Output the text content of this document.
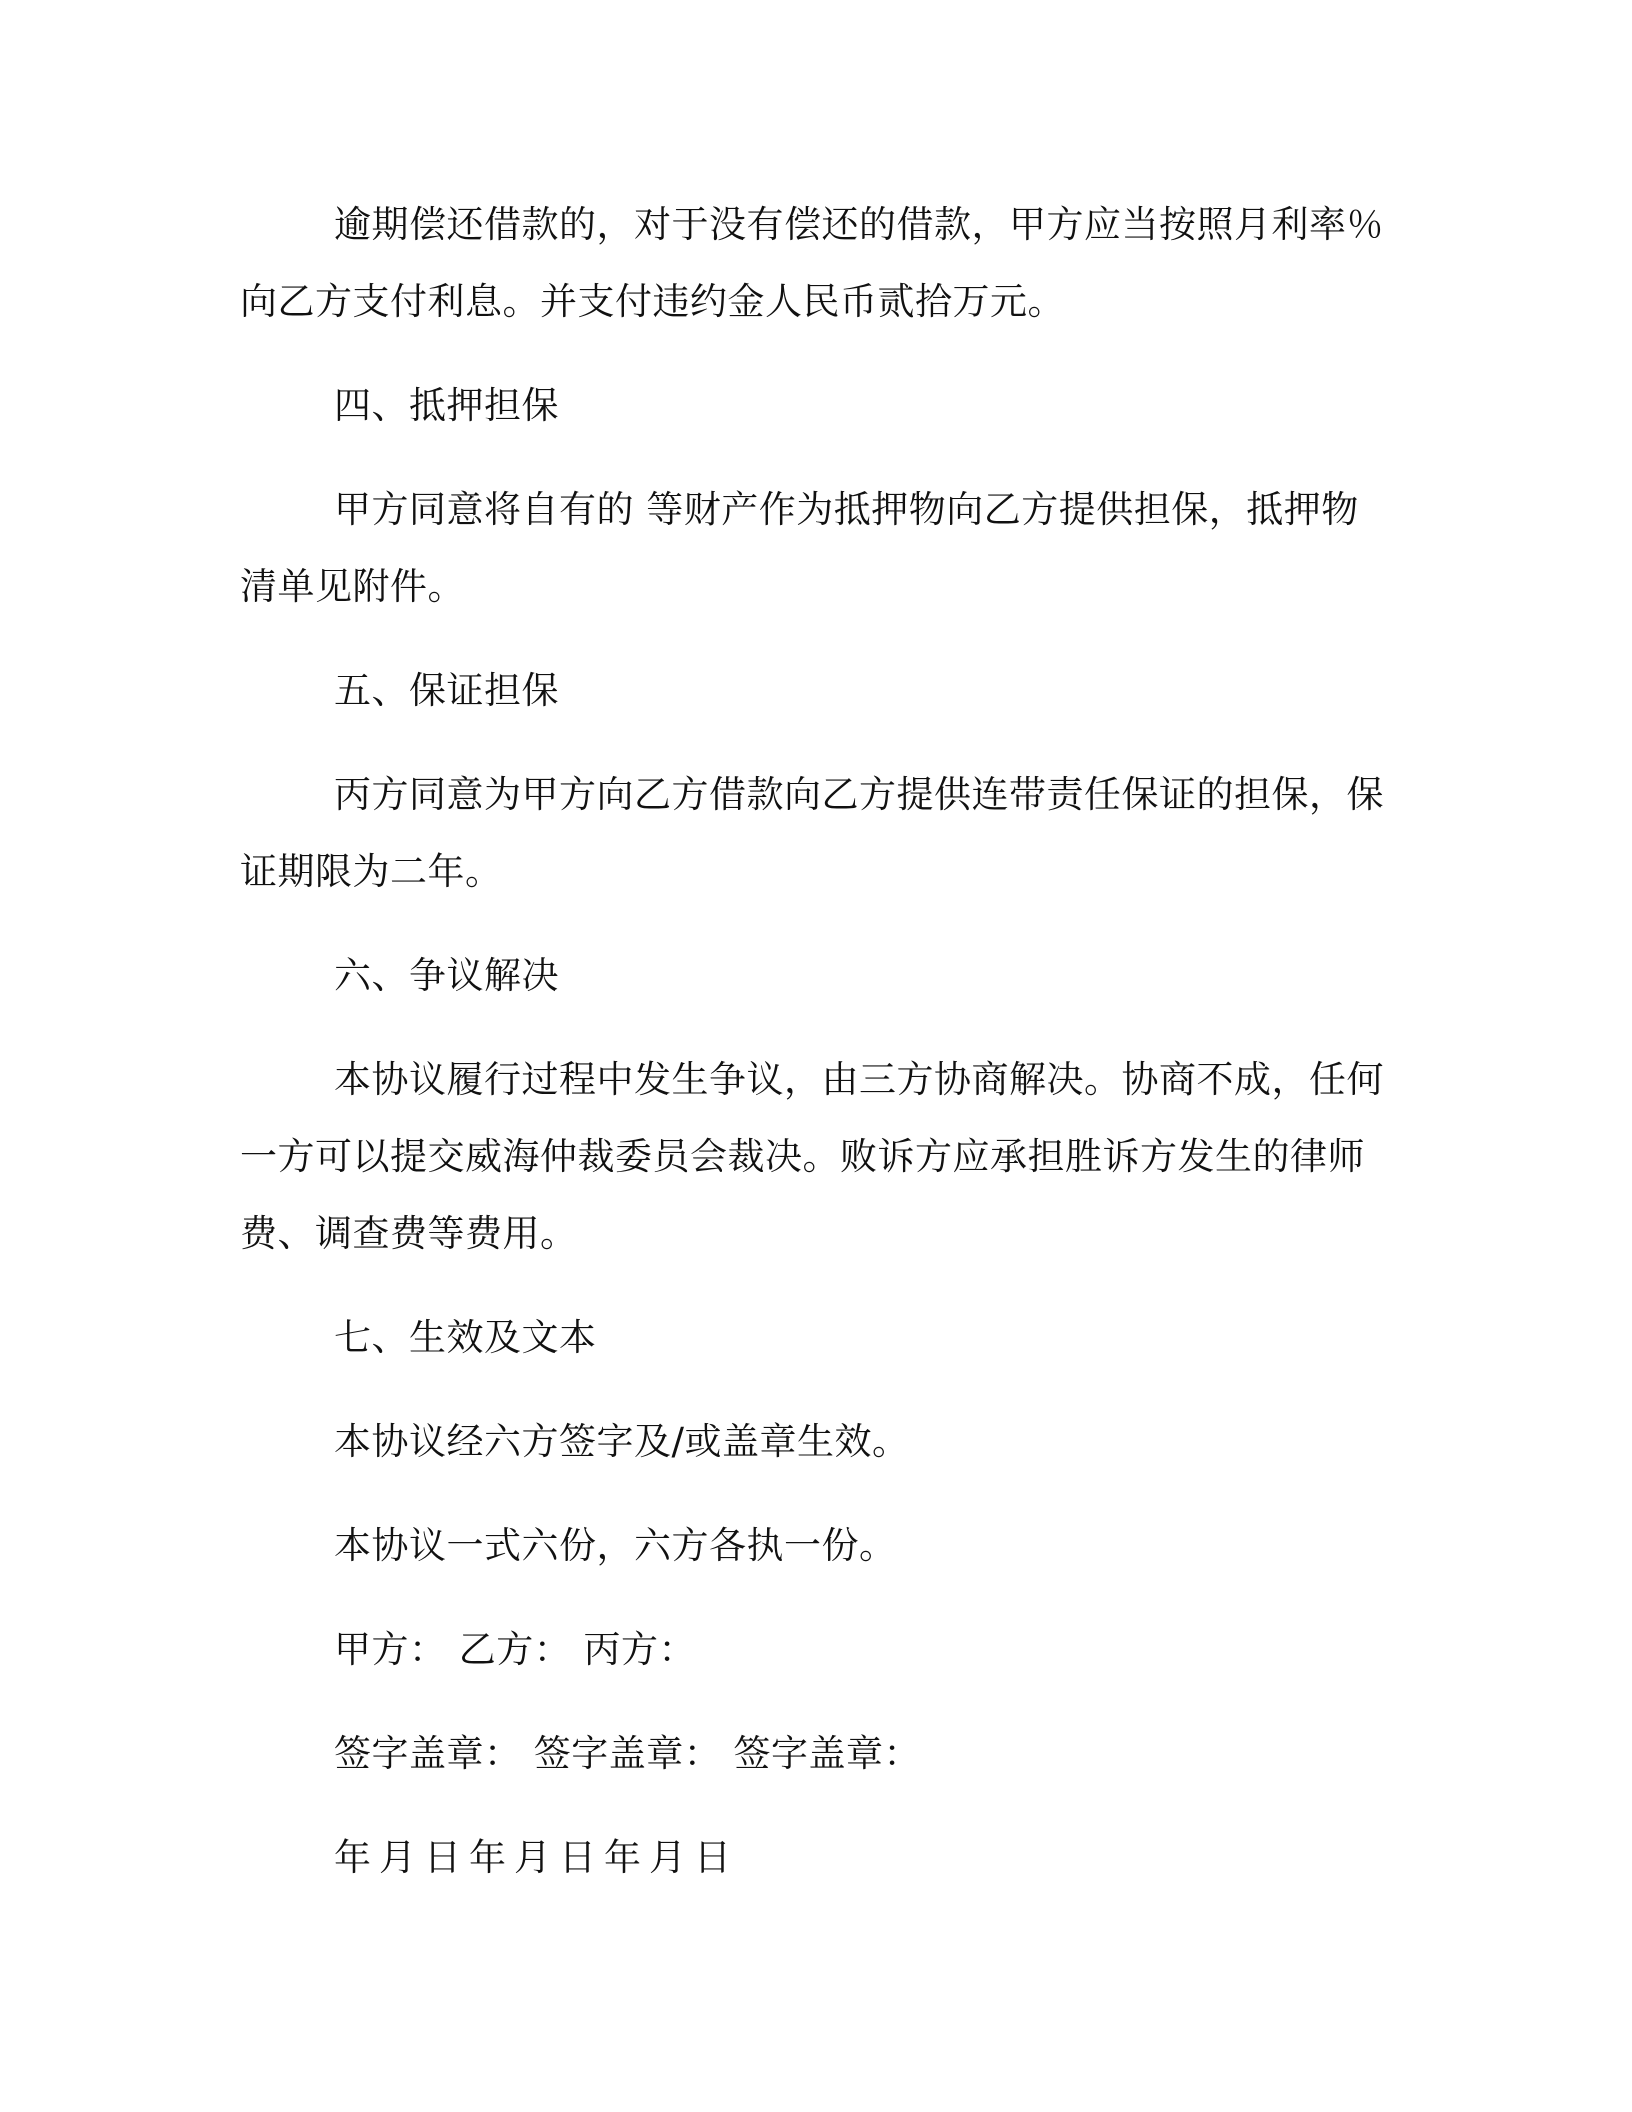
逾期偿还借款的，对于没有偿还的借款，甲方应当按照月利率％向乙方支付利息。并支付违约金人民币贰拾万元。

四、抵押担保

甲方同意将自有的 等财产作为抵押物向乙方提供担保，抵押物清单见附件。

五、保证担保

丙方同意为甲方向乙方借款向乙方提供连带责任保证的担保，保证期限为二年。

六、争议解决

本协议履行过程中发生争议，由三方协商解决。协商不成，任何一方可以提交威海仲裁委员会裁决。败诉方应承担胜诉方发生的律师费、调查费等费用。

七、生效及文本

本协议经六方签字及/或盖章生效。

本协议一式六份，六方各执一份。

甲方： 乙方： 丙方：

签字盖章： 签字盖章： 签字盖章：

年月日年月日年月日
